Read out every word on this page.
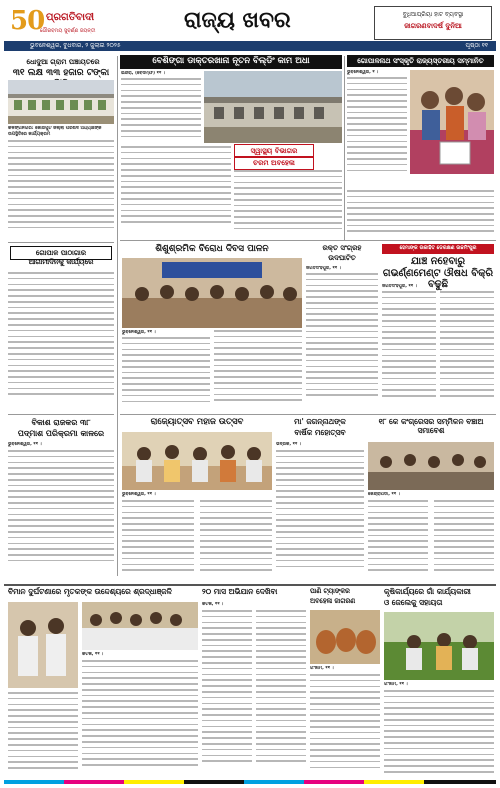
50 ପ୍ରଗତିବାଦୀ
ଗୌରବମୟ ସୁବର୍ଣ୍ଣ ଜୟନ୍ତୀ	ରାଜ୍ୟ ଖବର	ବୁଧିଆପ୍ରିୟା ହାଟ ବ୍ୟବସ୍ଥା
ଜାଗରଣବାଦର୍ଷ ଦୁନିଆ
ଭୁବନେଶ୍ୱର, ବୁଧବାର, ୨ ଜୁଲାଇ ୨୦୨୫	ପୃଷ୍ଠା ୧୧
ଧୋଦୁଆ ଗ୍ରାମ ପଞ୍ଚାୟତରେ
୩୧ ଲକ୍ଷ ୩୩ ହଜାର ଟଙ୍କା
କଳିଙ୍ଗନଗର: କୋରପୁଟ ଜିଲ୍ଲା ପରିଷଦ ଅଧ୍ୟକ୍ଷଙ୍କ ଉପସ୍ଥିତିରେ କାର୍ଯ୍ୟକ୍ରମ
ଗୋପାଳ ପାଠାଗାର
ଆଗାମୀଦିନକୁ କାର୍ଯ୍ୟରେ
ବିକାଶ ରାଜକର ୩୮
ପଦ୍ମାଶ ପରିକ୍ରମା କାଳରେ
ଭୁବନେଶ୍ୱର, ୧୧ ।
ବେଶିଙ୍ଗା ଡାକ୍ତରଖାନା ନୂତନ ବିଲ୍ଡିଂ କାମ ଅଧା
ଇନ୍ଦିରା, (ବେସମ୍ଫ) ୧୧ ।
ସ୍ୱାସ୍ଥ୍ୟ ବିଭାଗର
ଚରମ ଅବହେଳା
ଗୋପାଳନାଥ ସଂସ୍କୃତି ରାଜ୍ୟସ୍ତରୀୟ ସମ୍ମାନିତ
ଭୁବନେଶ୍ୱର, ୧ ।
ଶିଶୁଶ୍ରମିକ ବିରୋଧ ଦିବସ ପାଳନ
ଭୁବନେଶ୍ୱର, ୧୧ ।
ରକ୍ତ ସଂଗ୍ରହ
ଉଦଘାଟିତ
ଜଗତସିଂହପୁର, ୧୧ ।
ହେମାଙ୍କ ଉକାହିତ ଡେରକ୍ଷଣ ଉଚ୍ଚମିଂପୁର
ଯାଞ୍ଚ ନହେବାରୁ ଗଭର୍ଣ୍ଣମେଣ୍ଟ ଔଷଧ ବିକ୍ରି ବଢୁଛି
ଜଗତସିଂହପୁର, ୧୧ ।
ରାଜ୍ୟୋତ୍ସବ ମହାଜ ଉତ୍ସବ
ଭୁବନେଶ୍ୱର, ୧୧ ।
ମା' ଜଗନ୍ନାଥଙ୍କ
ବାର୍ଷିକ ମହୋତ୍ସବ
ଭଦ୍ରକ, ୧୧ ।
୧୮ କେ କଂଗ୍ରେସର ସମ୍ମିଳନ ବଞ୍ଚାଅ ସମାବେଶ
କେନ୍ଦ୍ରାପଡା, ୧୧ ।
ବିମାନ ଦୁର୍ଘଟଣାରେ ମୃତକଙ୍କ ଉଦ୍ଦେଶ୍ୟରେ ଶ୍ରଦ୍ଧାଞ୍ଜଳି
କଟକ, ୧୧ ।
୨୦ ମାସ ଅଭିଯାନ ଦେଖିବା
କଟକ, ୧୧ ।
ପାଣି ଟ୍ୟାଙ୍କର
ଅବହେଳା ଜାଗରଣ
ଗଂଜାମ, ୧୧ ।
କୃଷିକାର୍ଯ୍ୟରେ ଗାଁ କାର୍ଯ୍ୟକାରୀ
ଓ ଜେଲେକୁ ସହାୟତା
ଗଂଜାମ, ୧୧ ।
